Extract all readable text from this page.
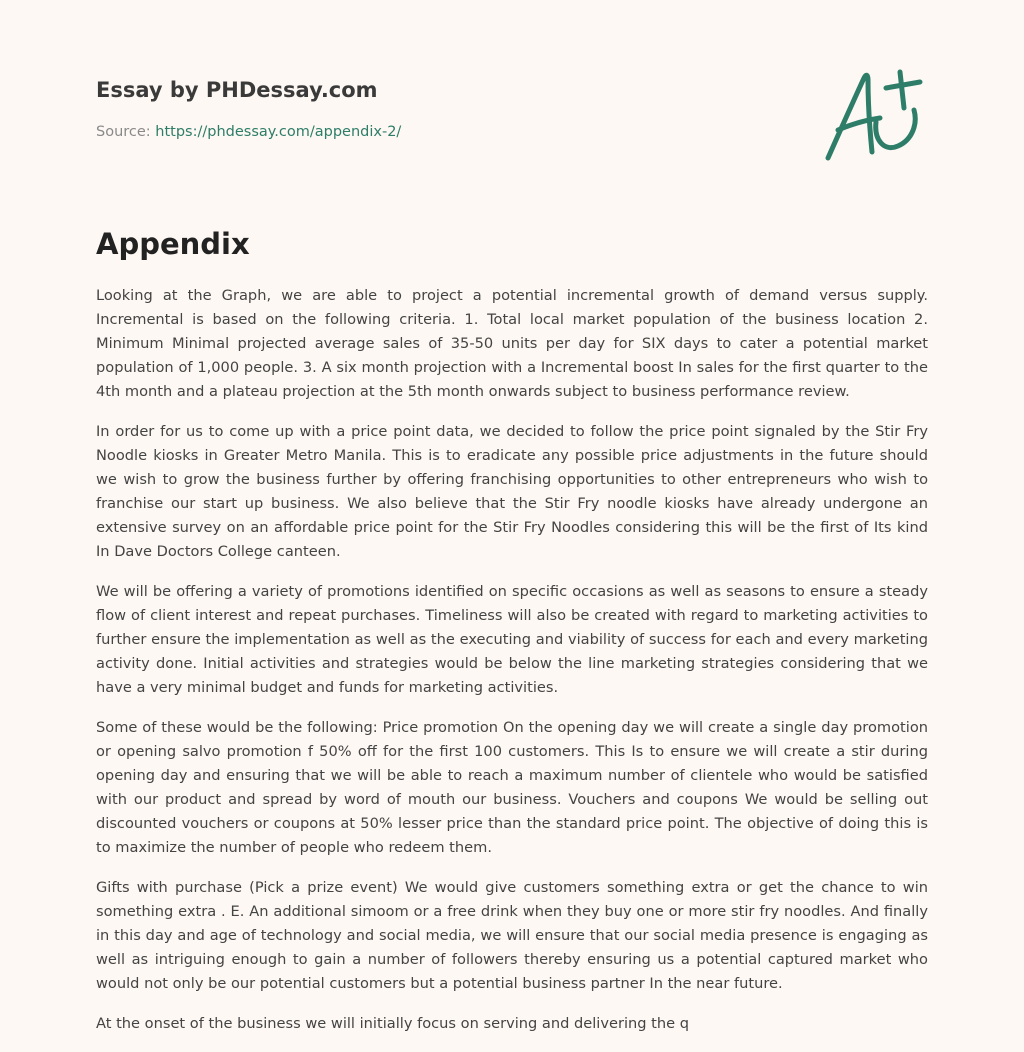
Essay by PHDessay.com
Source: https://phdessay.com/appendix-2/
Appendix

Looking at the Graph, we are able to project a potential incremental growth of demand versus supply. Incremental is based on the following criteria. 1. Total local market population of the business location 2. Minimum Minimal projected average sales of 35-50 units per day for SIX days to cater a potential market population of 1,000 people. 3. A six month projection with a Incremental boost In sales for the first quarter to the 4th month and a plateau projection at the 5th month onwards subject to business performance review.

In order for us to come up with a price point data, we decided to follow the price point signaled by the Stir Fry Noodle kiosks in Greater Metro Manila. This is to eradicate any possible price adjustments in the future should we wish to grow the business further by offering franchising opportunities to other entrepreneurs who wish to franchise our start up business. We also believe that the Stir Fry noodle kiosks have already undergone an extensive survey on an affordable price point for the Stir Fry Noodles considering this will be the first of Its kind In Dave Doctors College canteen.

We will be offering a variety of promotions identified on specific occasions as well as seasons to ensure a steady flow of client interest and repeat purchases. Timeliness will also be created with regard to marketing activities to further ensure the implementation as well as the executing and viability of success for each and every marketing activity done. Initial activities and strategies would be below the line marketing strategies considering that we have a very minimal budget and funds for marketing activities.

Some of these would be the following: Price promotion On the opening day we will create a single day promotion or opening salvo promotion f 50% off for the first 100 customers. This Is to ensure we will create a stir during opening day and ensuring that we will be able to reach a maximum number of clientele who would be satisfied with our product and spread by word of mouth our business. Vouchers and coupons We would be selling out discounted vouchers or coupons at 50% lesser price than the standard price point. The objective of doing this is to maximize the number of people who redeem them.

Gifts with purchase (Pick a prize event) We would give customers something extra or get the chance to win something extra . E. An additional simoom or a free drink when they buy one or more stir fry noodles. And finally in this day and age of technology and social media, we will ensure that our social media presence is engaging as well as intriguing enough to gain a number of followers thereby ensuring us a potential captured market who would not only be our potential customers but a potential business partner In the near future.

At the onset of the business we will initially focus on serving and delivering the q
